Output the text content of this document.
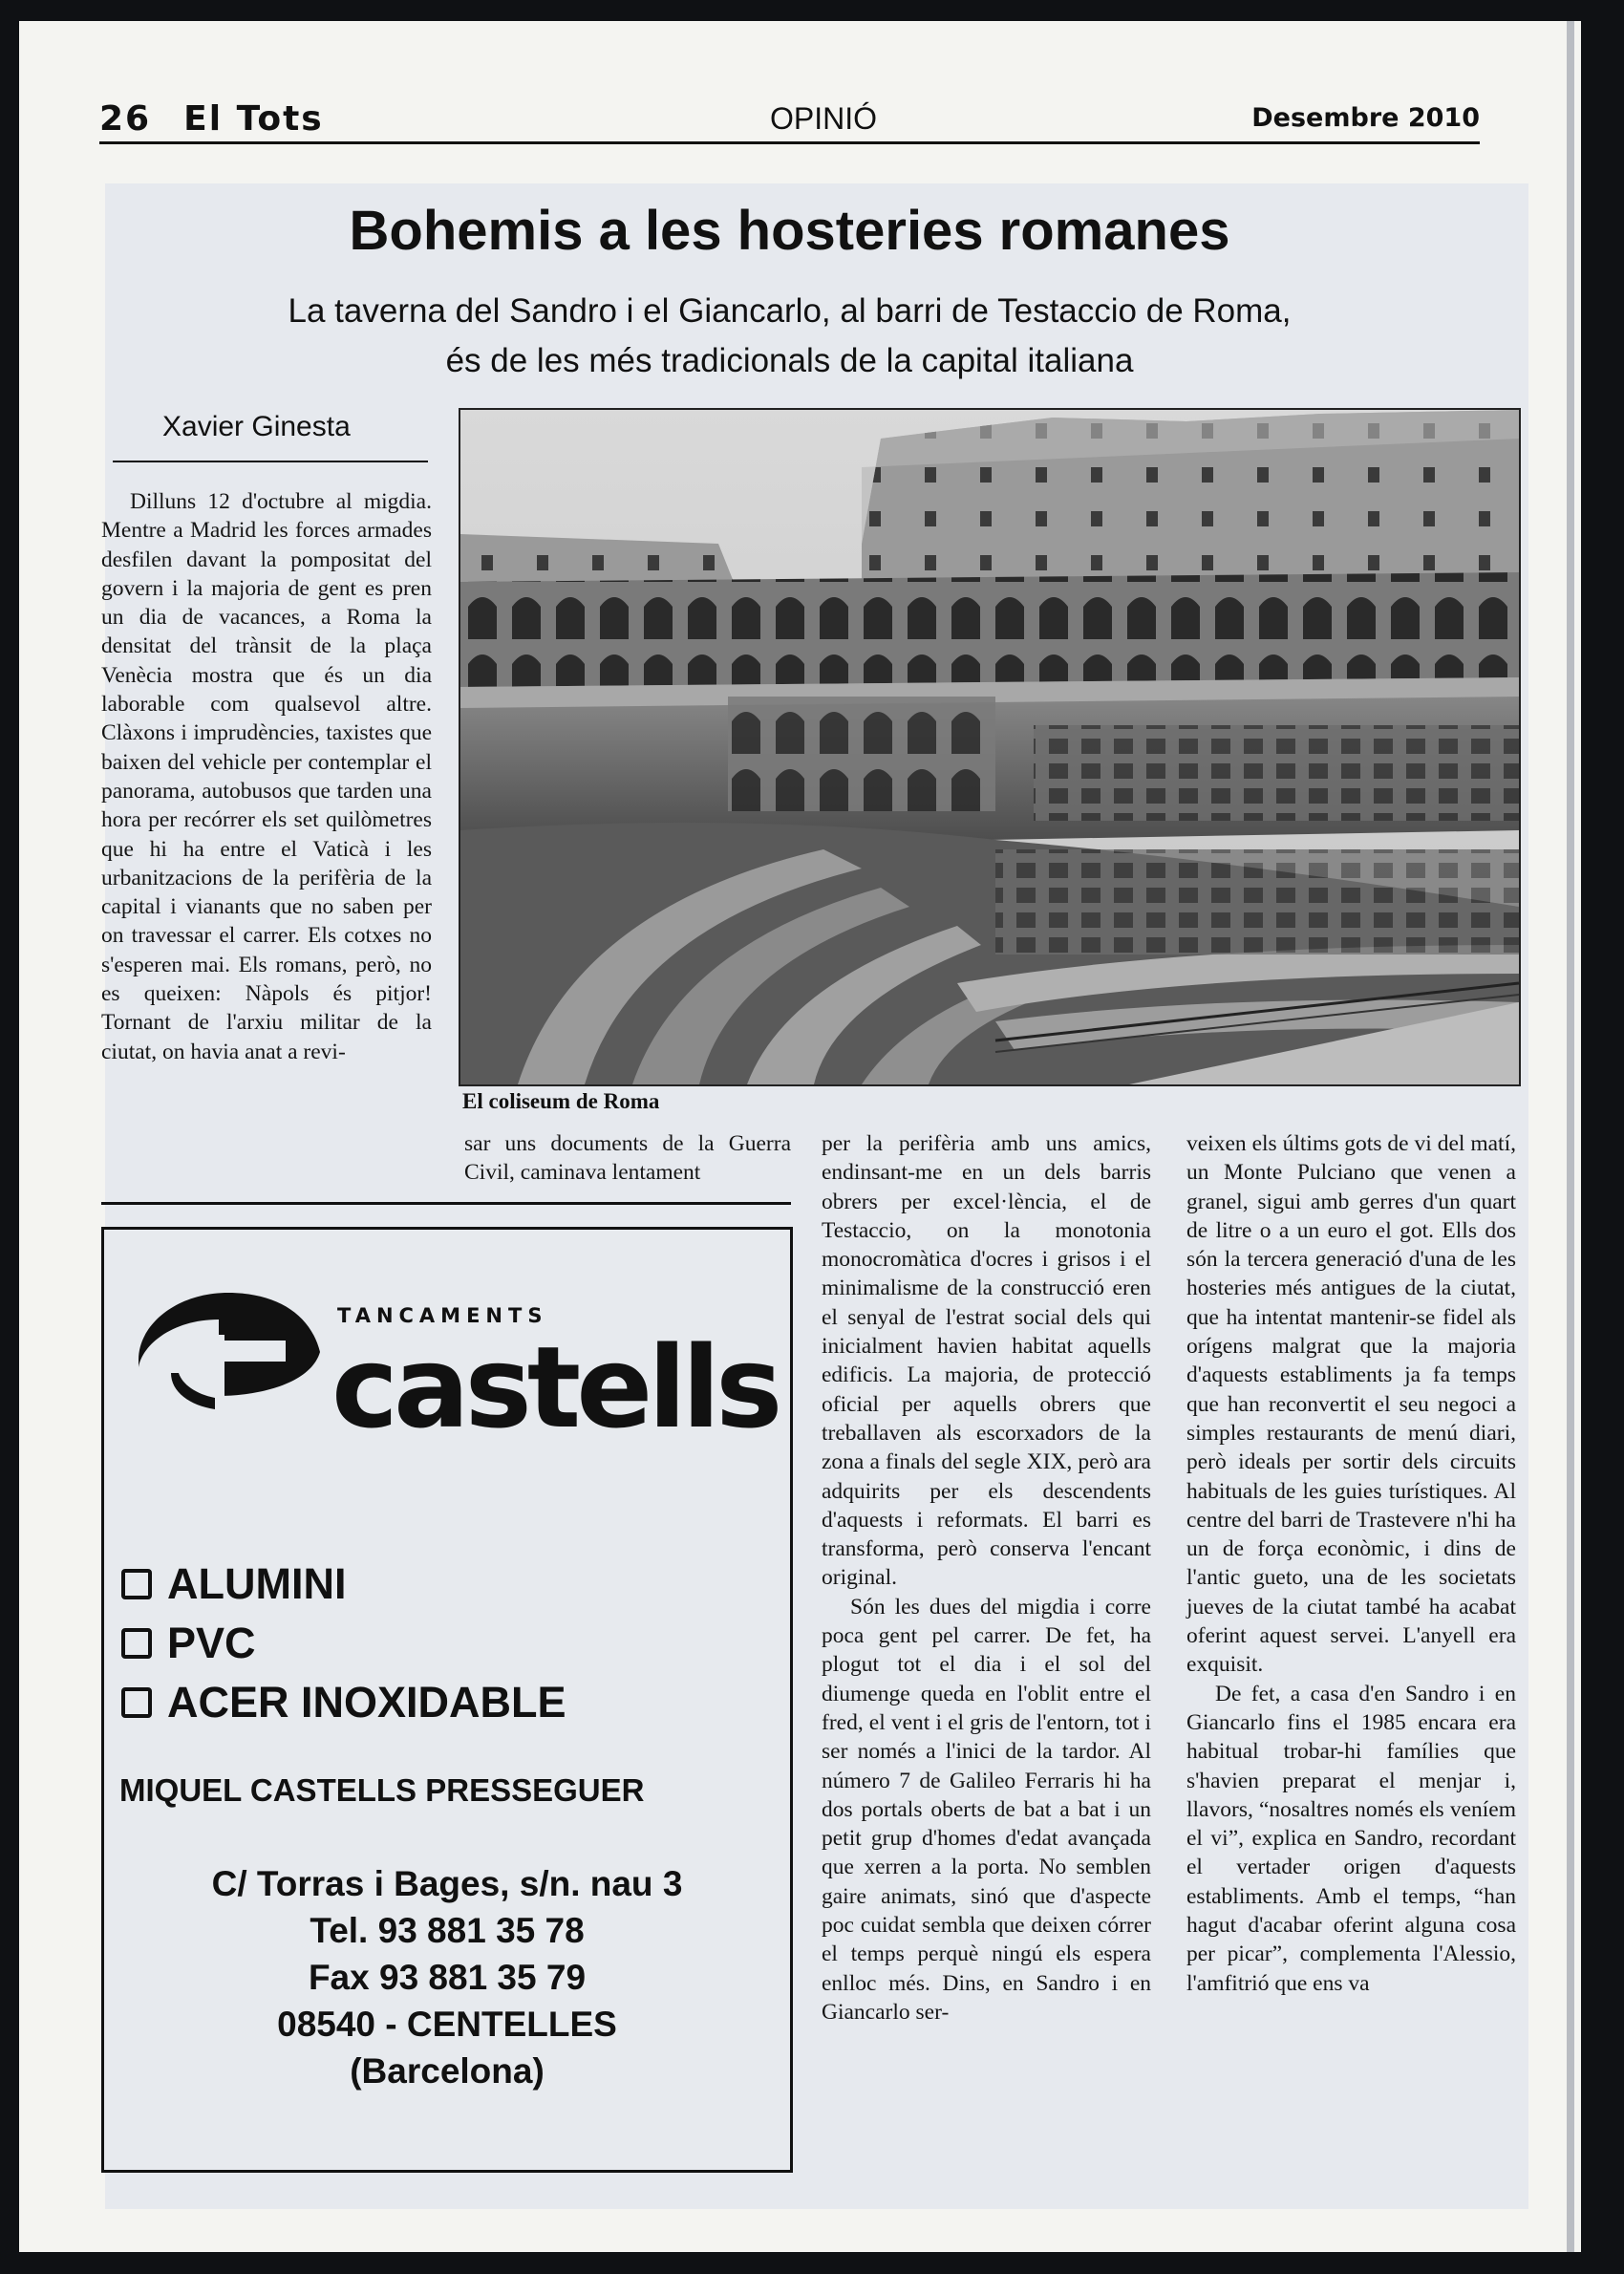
26 El Tots	OPINIÓ	Desembre 2010
Bohemis a les hosteries romanes
La taverna del Sandro i el Giancarlo, al barri de Testaccio de Roma,
és de les més tradicionals de la capital italiana
Xavier Ginesta
El coliseum de Roma

Dilluns 12 d'octubre al migdia. Mentre a Madrid les forces armades desfilen davant la pompositat del govern i la majoria de gent es pren un dia de vacances, a Roma la densitat del trànsit de la plaça Venècia mostra que és un dia laborable com qualsevol altre. Clàxons i imprudències, taxistes que baixen del vehicle per contemplar el panorama, autobusos que tarden una hora per recórrer els set quilòmetres que hi ha entre el Vaticà i les urbanitzacions de la perifèria de la capital i vianants que no saben per on travessar el carrer. Els cotxes no s'esperen mai. Els romans, però, no es queixen: Nàpols és pitjor! Tornant de l'arxiu militar de la ciutat, on havia anat a revi-

sar uns documents de la Guerra Civil, caminava lentament

per la perifèria amb uns amics, endinsant-me en un dels barris obrers per excel·lència, el de Testaccio, on la monotonia monocromàtica d'ocres i grisos i el minimalisme de la construcció eren el senyal de l'estrat social dels qui inicialment havien habitat aquells edificis. La majoria, de protecció oficial per aquells obrers que treballaven als escorxadors de la zona a finals del segle XIX, però ara adquirits per els descendents d'aquests i reformats. El barri es transforma, però conserva l'encant original.

Són les dues del migdia i corre poca gent pel carrer. De fet, ha plogut tot el dia i el sol del diumenge queda en l'oblit entre el fred, el vent i el gris de l'entorn, tot i ser només a l'inici de la tardor. Al número 7 de Galileo Ferraris hi ha dos portals oberts de bat a bat i un petit grup d'homes d'edat avançada que xerren a la porta. No semblen gaire animats, sinó que d'aspecte poc cuidat sembla que deixen córrer el temps perquè ningú els espera enlloc més. Dins, en Sandro i en Giancarlo ser-

veixen els últims gots de vi del matí, un Monte Pulciano que venen a granel, sigui amb gerres d'un quart de litre o a un euro el got. Ells dos són la tercera generació d'una de les hosteries més antigues de la ciutat, que ha intentat mantenir-se fidel als orígens malgrat que la majoria d'aquests establiments ja fa temps que han reconvertit el seu negoci a simples restaurants de menú diari, però ideals per sortir dels circuits habituals de les guies turístiques. Al centre del barri de Trastevere n'hi ha un de força econòmic, i dins de l'antic gueto, una de les societats jueves de la ciutat també ha acabat oferint aquest servei. L'anyell era exquisit.

De fet, a casa d'en Sandro i en Giancarlo fins el 1985 encara era habitual trobar-hi famílies que s'havien preparat el menjar i, llavors, “nosaltres només els veníem el vi”, explica en Sandro, recordant el vertader origen d'aquests establiments. Amb el temps, “han hagut d'acabar oferint alguna cosa per picar”, complementa l'Alessio, l'amfitrió que ens va

TANCAMENTS
castells
ALUMINI
PVC
ACER INOXIDABLE
MIQUEL CASTELLS PRESSEGUER
C/ Torras i Bages, s/n. nau 3
Tel. 93 881 35 78
Fax 93 881 35 79
08540 - CENTELLES
(Barcelona)
